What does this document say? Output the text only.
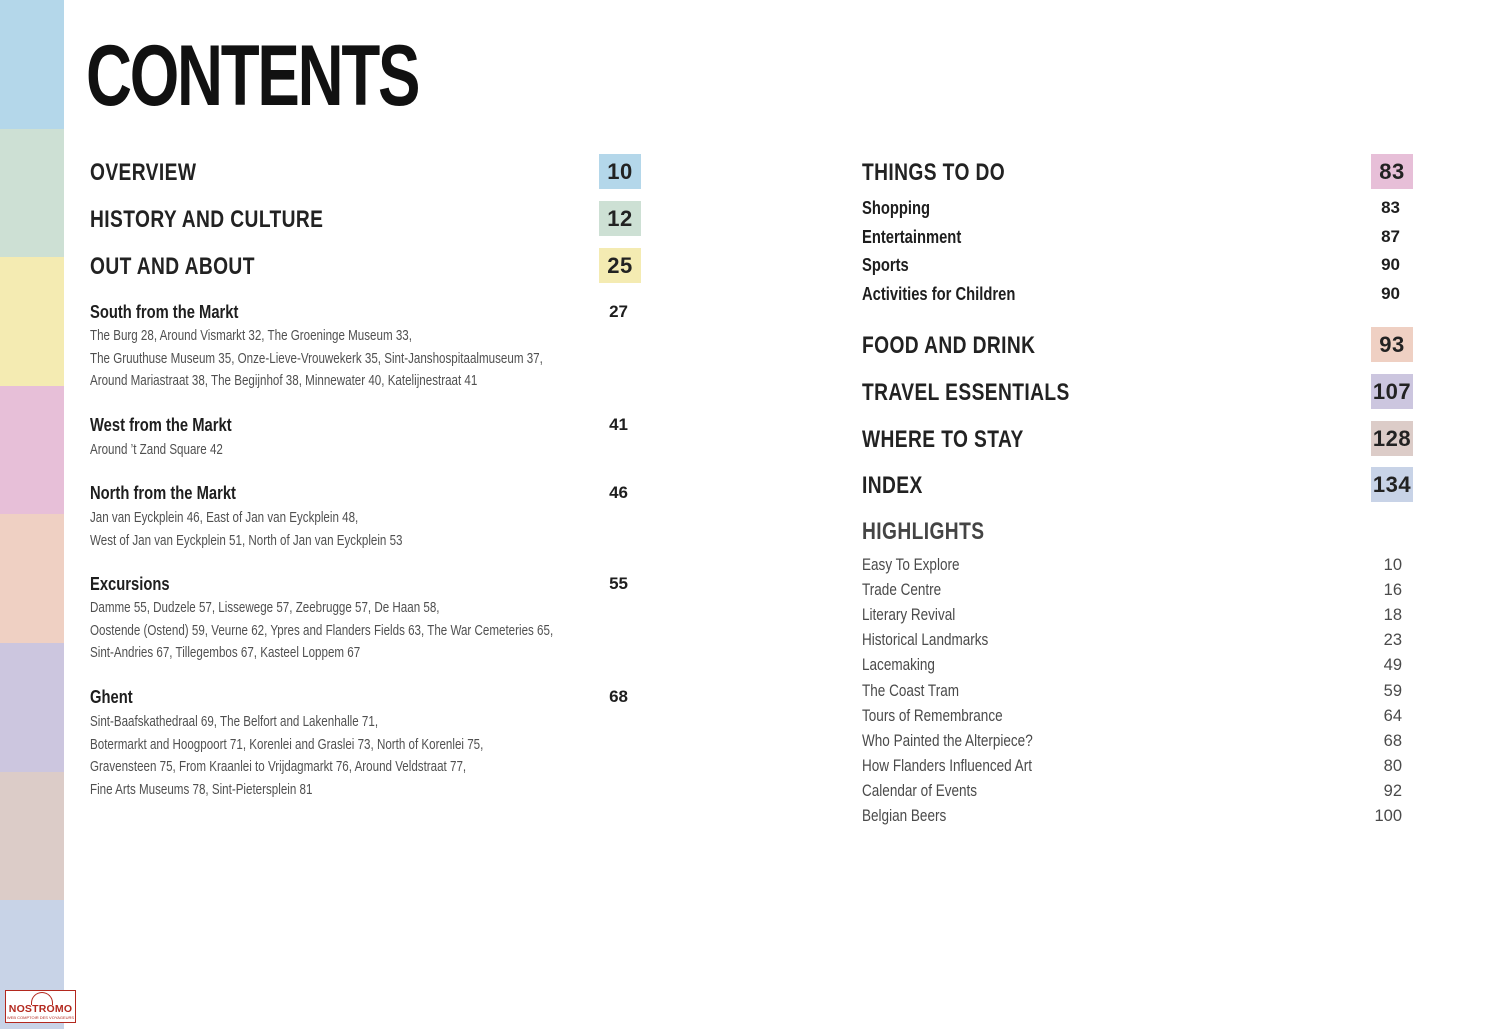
CONTENTS
OVERVIEW	10
HISTORY AND CULTURE	12
OUT AND ABOUT	25
South from the Markt	27
The Burg 28, Around Vismarkt 32, The Groeninge Museum 33,
The Gruuthuse Museum 35, Onze-Lieve-Vrouwekerk 35, Sint-Janshospitaalmuseum 37,
Around Mariastraat 38, The Begijnhof 38, Minnewater 40, Katelijnestraat 41
West from the Markt	41
Around ’t Zand Square 42
North from the Markt	46
Jan van Eyckplein 46, East of Jan van Eyckplein 48,
West of Jan van Eyckplein 51, North of Jan van Eyckplein 53
Excursions	55
Damme 55, Dudzele 57, Lissewege 57, Zeebrugge 57, De Haan 58,
Oostende (Ostend) 59, Veurne 62, Ypres and Flanders Fields 63, The War Cemeteries 65,
Sint-Andries 67, Tillegembos 67, Kasteel Loppem 67
Ghent	68
Sint-Baafskathedraal 69, The Belfort and Lakenhalle 71,
Botermarkt and Hoogpoort 71, Korenlei and Graslei 73, North of Korenlei 75,
Gravensteen 75, From Kraanlei to Vrijdagmarkt 76, Around Veldstraat 77,
Fine Arts Museums 78, Sint-Pietersplein 81
THINGS TO DO	83
Shopping	83
Entertainment	87
Sports	90
Activities for Children	90
FOOD AND DRINK	93
TRAVEL ESSENTIALS	107
WHERE TO STAY	128
INDEX	134
HIGHLIGHTS
Easy To Explore	10
Trade Centre	16
Literary Revival	18
Historical Landmarks	23
Lacemaking	49
The Coast Tram	59
Tours of Remembrance	64
Who Painted the Alterpiece?	68
How Flanders Influenced Art	80
Calendar of Events	92
Belgian Beers	100
NOSTROMO
WEB COMPTOIR DES VOYAGEURS
